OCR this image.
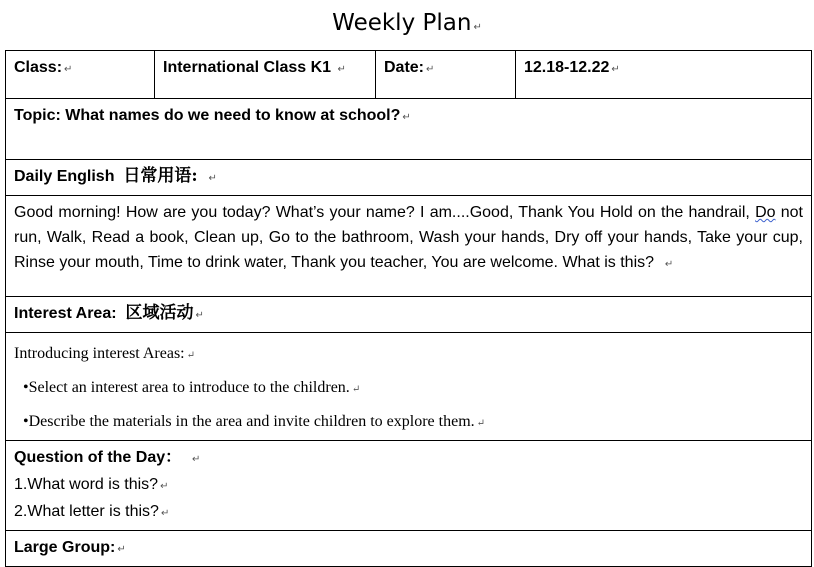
Weekly Plan ↵
Class: ↵	International Class K1 ↵	Date: ↵	12.18-12.22 ↵
Topic: What names do we need to know at school? ↵
Daily English 日常用语: ↵
Good morning! How are you today? What’s your name? I am....Good, Thank You Hold on the handrail, Do not run, Walk, Read a book, Clean up, Go to the bathroom, Wash your hands, Dry off your hands, Take your cup, Rinse your mouth, Time to drink water, Thank you teacher, You are welcome. What is this? ↵
Interest Area: 区域活动 ↵

Introducing interest Areas: ↵
•Select an interest area to introduce to the children. ↵
•Describe the materials in the area and invite children to explore them. ↵

Question of the Day： ↵
1.What word is this? ↵
2.What letter is this? ↵

Large Group: ↵
